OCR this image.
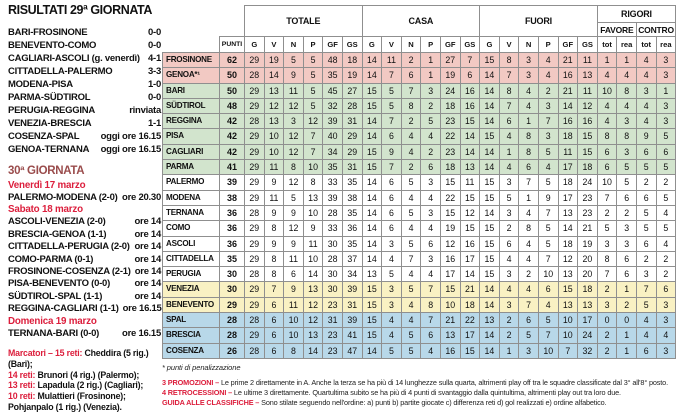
RISULTATI 29ª GIORNATA
BARI-FROSINONE	0-0
BENEVENTO-COMO	0-0
CAGLIARI-ASCOLI (g. venerdì) 4-1
CITTADELLA-PALERMO	3-3
MODENA-PISA	1-0
PARMA-SÜDTIROL	0-0
PERUGIA-REGGINA	rinviata
VENEZIA-BRESCIA	1-1
COSENZA-SPAL	oggi ore 16.15
GENOA-TERNANA	oggi ore 16.15
30ª GIORNATA
Venerdì 17 marzo
PALERMO-MODENA (2-0) ore 20.30
Sabato 18 marzo
ASCOLI-VENEZIA (2-0)	ore 14
BRESCIA-GENOA (1-1)	ore 14
CITTADELLA-PERUGIA (2-0) ore 14
COMO-PARMA (0-1)	ore 14
FROSINONE-COSENZA (2-1) ore 14
PISA-BENEVENTO (0-0)	ore 14
SÜDTIROL-SPAL (1-1)	ore 14
REGGINA-CAGLIARI (1-1) ore 16.15
Domenica 19 marzo
TERNANA-BARI (0-0)	ore 16.15
Marcatori – 15 reti: Cheddira (5 rig.) (Bari);
14 reti: Brunori (4 rig.) (Palermo);
13 reti: Lapadula (2 rig.) (Cagliari);
10 reti: Mulattieri (Frosinone); Pohjanpalo (1 rig.) (Venezia).
		TOTALE						CASA						FUORI						RIGORI			
																				FAVORE		CONTRO	
	PUNTI	G	V	N	P	GF	GS	G	V	N	P	GF	GS	G	V	N	P	GF	GS	tot	rea	tot	rea
FROSINONE	62	29	19	5	5	48	18	14	11	2	1	27	7	15	8	3	4	21	11	1	1	4	3
GENOA*¹	50	28	14	9	5	35	19	14	7	6	1	19	6	14	7	3	4	16	13	4	4	4	3
BARI	50	29	13	11	5	45	27	15	5	7	3	24	16	14	8	4	2	21	11	10	8	3	1
SÜDTIROL	48	29	12	12	5	32	28	15	5	8	2	18	16	14	7	4	3	14	12	4	4	4	3
REGGINA	42	28	13	3	12	39	31	14	7	2	5	23	15	14	6	1	7	16	16	4	3	4	3
PISA	42	29	10	12	7	40	29	14	6	4	4	22	14	15	4	8	3	18	15	8	8	9	5
CAGLIARI	42	29	10	12	7	34	29	15	9	4	2	23	14	14	1	8	5	11	15	6	3	6	6
PARMA	41	29	11	8	10	35	31	15	7	2	6	18	13	14	4	6	4	17	18	6	5	5	5
PALERMO	39	29	9	12	8	33	35	14	6	5	3	15	11	15	3	7	5	18	24	10	5	2	2
MODENA	38	29	11	5	13	39	38	14	6	4	4	22	15	15	5	1	9	17	23	7	6	6	5
TERNANA	36	28	9	9	10	28	35	14	6	5	3	15	12	14	3	4	7	13	23	2	2	5	4
COMO	36	29	8	12	9	33	36	14	6	4	4	19	15	15	2	8	5	14	21	5	3	5	5
ASCOLI	36	29	9	9	11	30	35	14	3	5	6	12	16	15	6	4	5	18	19	3	3	6	4
CITTADELLA	35	29	8	11	10	28	37	14	4	7	3	16	17	15	4	4	7	12	20	8	6	2	2
PERUGIA	30	28	8	6	14	30	34	13	5	4	4	17	14	15	3	2	10	13	20	7	6	3	2
VENEZIA	30	29	7	9	13	30	39	15	3	5	7	15	21	14	4	4	6	15	18	2	1	7	6
BENEVENTO	29	29	6	11	12	23	31	15	3	4	8	10	18	14	3	7	4	13	13	3	2	5	3
SPAL	28	28	6	10	12	31	39	15	4	4	7	21	22	13	2	6	5	10	17	0	0	4	3
BRESCIA	28	29	6	10	13	23	41	15	4	5	6	13	17	14	2	5	7	10	24	2	1	4	4
COSENZA	26	28	6	8	14	23	47	14	5	5	4	16	15	14	1	3	10	7	32	2	1	6	3
* punti di penalizzazione
3 PROMOZIONI – Le prime 2 direttamente in A. Anche la terza se ha più di 14 lunghezze sulla quarta, altrimenti play off tra le squadre classificate dal 3° all'8° posto.
4 RETROCESSIONI – Le ultime 3 direttamente. Quartultima subito se ha più di 4 punti di svantaggio dalla quintultima, altrimenti play out tra loro due.
GUIDA ALLE CLASSIFICHE – Sono stilate seguendo nell'ordine: a) punti b) partite giocate c) differenza reti d) gol realizzati e) ordine alfabetico.
